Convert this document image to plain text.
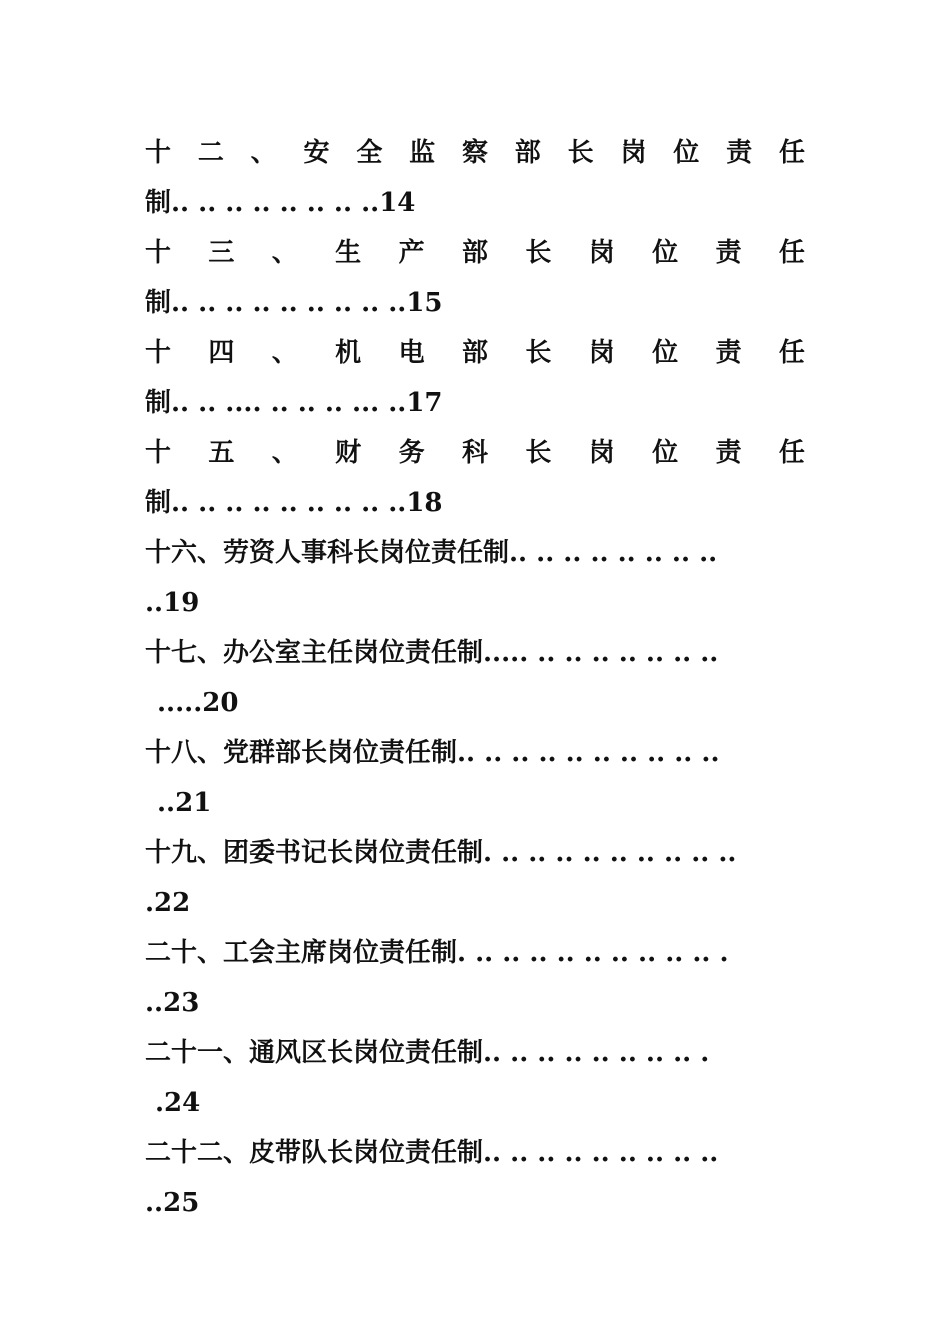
十 二 、 安 全 监 察 部 长 岗 位 责 任
制.. .. .. .. .. .. .. ..14
十 三 、 生 产 部 长 岗 位 责 任
制.. .. .. .. .. .. .. .. ..15
十 四 、 机 电 部 长 岗 位 责 任
制.. .. .... .. .. .. ... ..17
十 五 、 财 务 科 长 岗 位 责 任
制.. .. .. .. .. .. .. .. ..18
十六、劳资人事科长岗位责任制.. .. .. .. .. .. .. ..
..19
十七、办公室主任岗位责任制..... .. .. .. .. .. .. ..
.....20
十八、党群部长岗位责任制.. .. .. .. .. .. .. .. .. ..
..21
十九、团委书记长岗位责任制. .. .. .. .. .. .. .. .. ..
.22
二十、工会主席岗位责任制. .. .. .. .. .. .. .. .. .. .
..23
二十一、通风区长岗位责任制.. .. .. .. .. .. .. .. .
.24
二十二、皮带队长岗位责任制.. .. .. .. .. .. .. .. ..
..25
